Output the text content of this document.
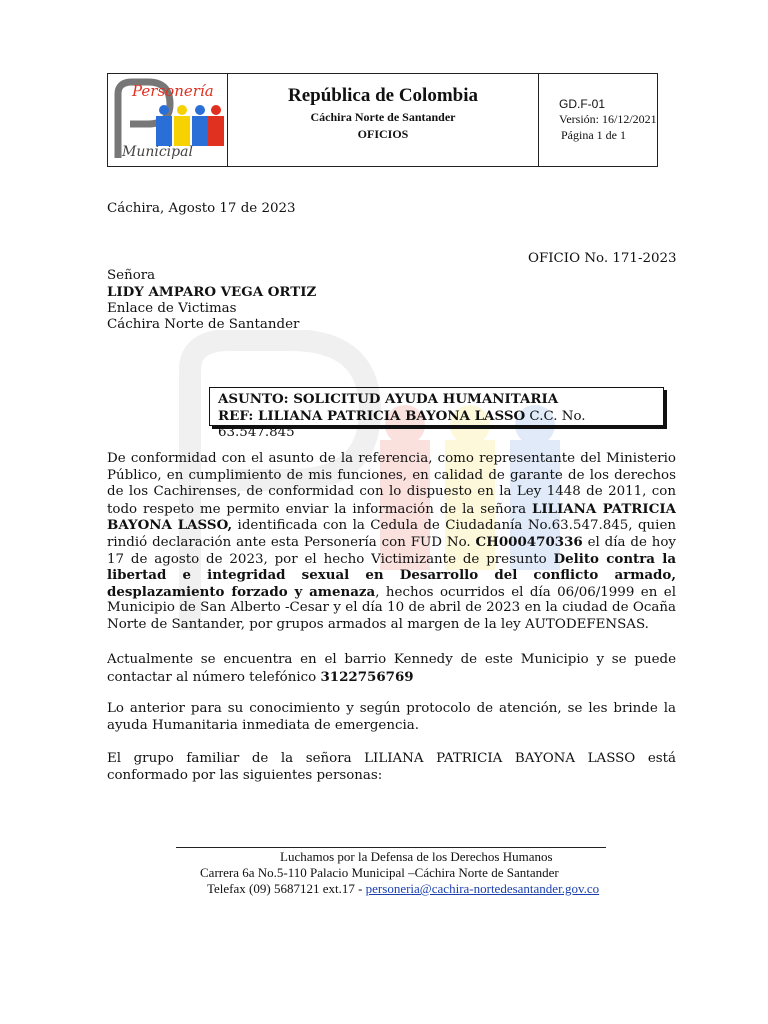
Personería
Municipal
República de Colombia
Cáchira Norte de Santander
OFICIOS
GD.F-01
Versión: 16/12/2021
Página 1 de 1
Cáchira, Agosto 17 de 2023
OFICIO No. 171-2023
Señora
LIDY AMPARO VEGA ORTIZ
Enlace de Victimas
Cáchira Norte de Santander
ASUNTO: SOLICITUD AYUDA HUMANITARIA
REF: LILIANA PATRICIA BAYONA LASSO C.C. No. 63.547.845
De conformidad con el asunto de la referencia, como representante del Ministerio
Público, en cumplimiento de mis funciones, en calidad de garante de los derechos
de los Cachirenses, de conformidad con lo dispuesto en la Ley 1448 de 2011, con
todo respeto me permito enviar la información de la señora LILIANA PATRICIA
BAYONA LASSO, identificada con la Cedula de Ciudadanía No.63.547.845, quien
rindió declaración ante esta Personería con FUD No. CH000470336 el día de hoy
17 de agosto de 2023, por el hecho Victimizante de presunto Delito contra la
libertad e integridad sexual en Desarrollo del conflicto armado,
desplazamiento forzado y amenaza, hechos ocurridos el día 06/06/1999 en el
Municipio de San Alberto -Cesar y el día 10 de abril de 2023 en la ciudad de Ocaña
Norte de Santander, por grupos armados al margen de la ley AUTODEFENSAS.
Actualmente se encuentra en el barrio Kennedy de este Municipio y se puede
contactar al número telefónico 3122756769
Lo anterior para su conocimiento y según protocolo de atención, se les brinde la
ayuda Humanitaria inmediata de emergencia.
El grupo familiar de la señora LILIANA PATRICIA BAYONA LASSO está
conformado por las siguientes personas:
Luchamos por la Defensa de los Derechos Humanos
Carrera 6a No.5-110 Palacio Municipal –Cáchira Norte de Santander
Telefax (09) 5687121 ext.17 - personeria@cachira-nortedesantander.gov.co
